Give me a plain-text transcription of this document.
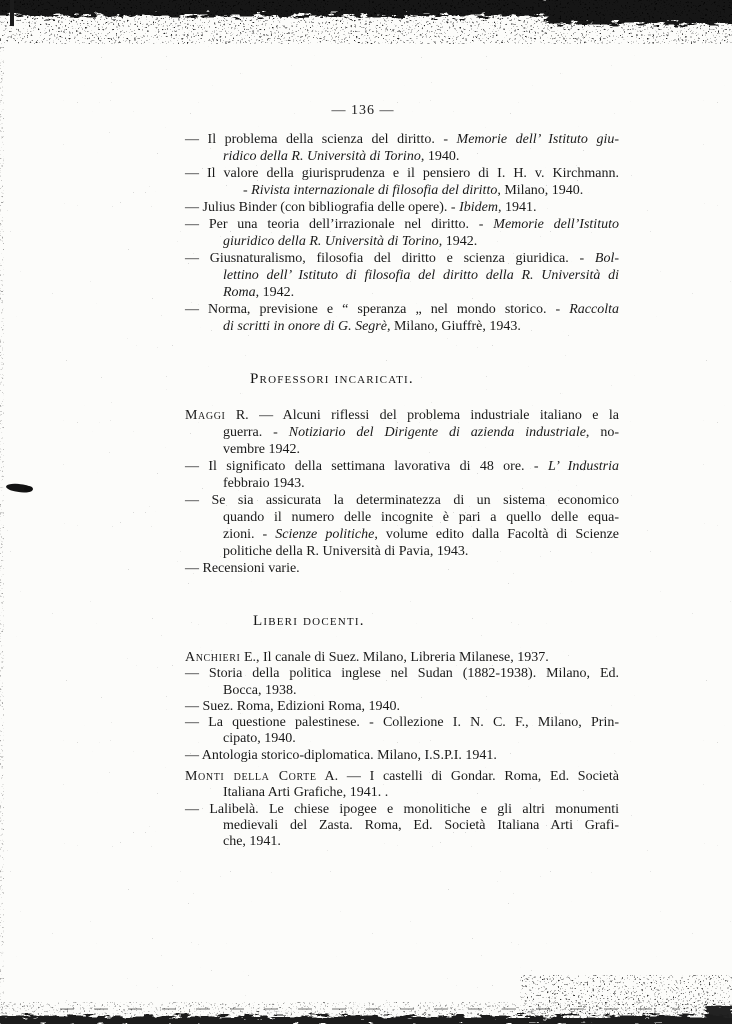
— 136 —
— Il problema della scienza del diritto. - Memorie dell’ Istituto giu-
ridico della R. Università di Torino, 1940.
— Il valore della giurisprudenza e il pensiero di I. H. v. Kirchmann.
- Rivista internazionale di filosofia del diritto, Milano, 1940.
— Julius Binder (con bibliografia delle opere). - Ibidem, 1941.
— Per una teoria dell’irrazionale nel diritto. - Memorie dell’Istituto
giuridico della R. Università di Torino, 1942.
— Giusnaturalismo, filosofia del diritto e scienza giuridica. - Bol-
lettino dell’ Istituto di filosofia del diritto della R. Università di
Roma, 1942.
— Norma, previsione e “ speranza „ nel mondo storico. - Raccolta
di scritti in onore di G. Segrè, Milano, Giuffrè, 1943.
Professori incaricati.
Maggi R. — Alcuni riflessi del problema industriale italiano e la
guerra. - Notiziario del Dirigente di azienda industriale, no-
vembre 1942.
— Il significato della settimana lavorativa di 48 ore. - L’ Industria
febbraio 1943.
— Se sia assicurata la determinatezza di un sistema economico
quando il numero delle incognite è pari a quello delle equa-
zioni. - Scienze politiche, volume edito dalla Facoltà di Scienze
politiche della R. Università di Pavia, 1943.
— Recensioni varie.
Liberi docenti.
Anchieri E., Il canale di Suez. Milano, Libreria Milanese, 1937.
— Storia della politica inglese nel Sudan (1882-1938). Milano, Ed.
Bocca, 1938.
— Suez. Roma, Edizioni Roma, 1940.
— La questione palestinese. - Collezione I. N. C. F., Milano, Prin-
cipato, 1940.
— Antologia storico-diplomatica. Milano, I.S.P.I. 1941.
Monti della Corte A. — I castelli di Gondar. Roma, Ed. Società
Italiana Arti Grafiche, 1941. .
— Lalibelà. Le chiese ipogee e monolitiche e gli altri monumenti
medievali del Zasta. Roma, Ed. Società Italiana Arti Grafi-
che, 1941.
